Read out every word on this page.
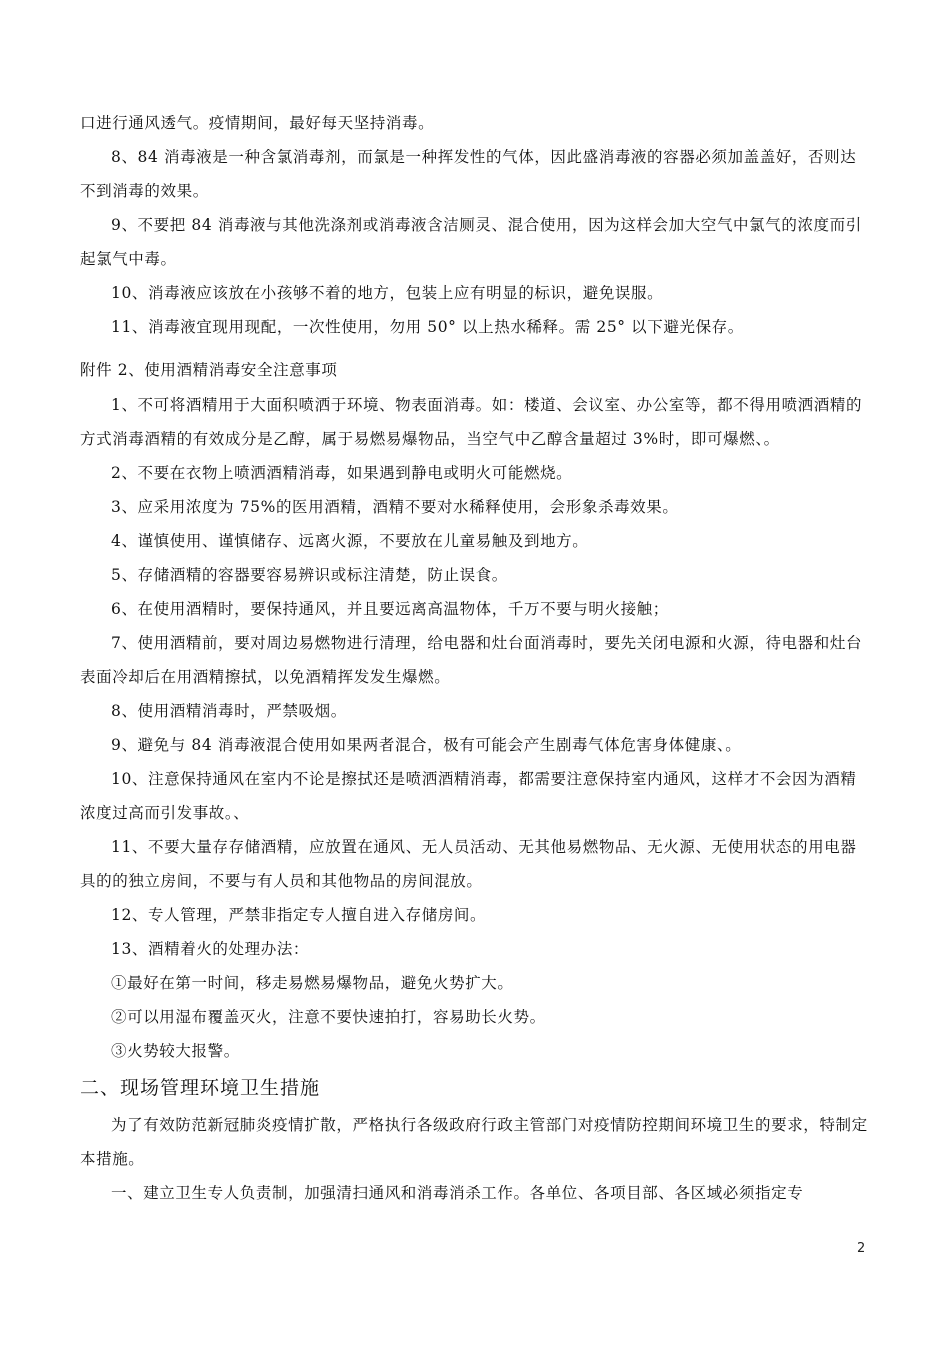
口进行通风透气。疫情期间，最好每天坚持消毒。

8、84 消毒液是一种含氯消毒剂，而氯是一种挥发性的气体，因此盛消毒液的容器必须加盖盖好，否则达不到消毒的效果。

9、不要把 84 消毒液与其他洗涤剂或消毒液含洁厕灵、混合使用，因为这样会加大空气中氯气的浓度而引起氯气中毒。

10、消毒液应该放在小孩够不着的地方，包装上应有明显的标识，避免误服。

11、消毒液宜现用现配，一次性使用，勿用 50° 以上热水稀释。需 25° 以下避光保存。

附件 2、使用酒精消毒安全注意事项

1、不可将酒精用于大面积喷洒于环境、物表面消毒。如：楼道、会议室、办公室等，都不得用喷洒酒精的方式消毒酒精的有效成分是乙醇，属于易燃易爆物品，当空气中乙醇含量超过 3%时，即可爆燃、。

2、不要在衣物上喷洒酒精消毒，如果遇到静电或明火可能燃烧。

3、应采用浓度为 75%的医用酒精，酒精不要对水稀释使用，会形象杀毒效果。

4、谨慎使用、谨慎储存、远离火源，不要放在儿童易触及到地方。

5、存储酒精的容器要容易辨识或标注清楚，防止误食。

6、在使用酒精时，要保持通风，并且要远离高温物体，千万不要与明火接触；

7、使用酒精前，要对周边易燃物进行清理，给电器和灶台面消毒时，要先关闭电源和火源，待电器和灶台表面冷却后在用酒精擦拭，以免酒精挥发发生爆燃。

8、使用酒精消毒时，严禁吸烟。

9、避免与 84 消毒液混合使用如果两者混合，极有可能会产生剧毒气体危害身体健康、。

10、注意保持通风在室内不论是擦拭还是喷洒酒精消毒，都需要注意保持室内通风，这样才不会因为酒精浓度过高而引发事故。、

11、不要大量存存储酒精，应放置在通风、无人员活动、无其他易燃物品、无火源、无使用状态的用电器具的的独立房间，不要与有人员和其他物品的房间混放。

12、专人管理，严禁非指定专人擅自进入存储房间。

13、酒精着火的处理办法：

①最好在第一时间，移走易燃易爆物品，避免火势扩大。

②可以用湿布覆盖灭火，注意不要快速拍打，容易助长火势。

③火势较大报警。

二、现场管理环境卫生措施

为了有效防范新冠肺炎疫情扩散，严格执行各级政府行政主管部门对疫情防控期间环境卫生的要求，特制定本措施。

一、建立卫生专人负责制，加强清扫通风和消毒消杀工作。各单位、各项目部、各区域必须指定专

2
